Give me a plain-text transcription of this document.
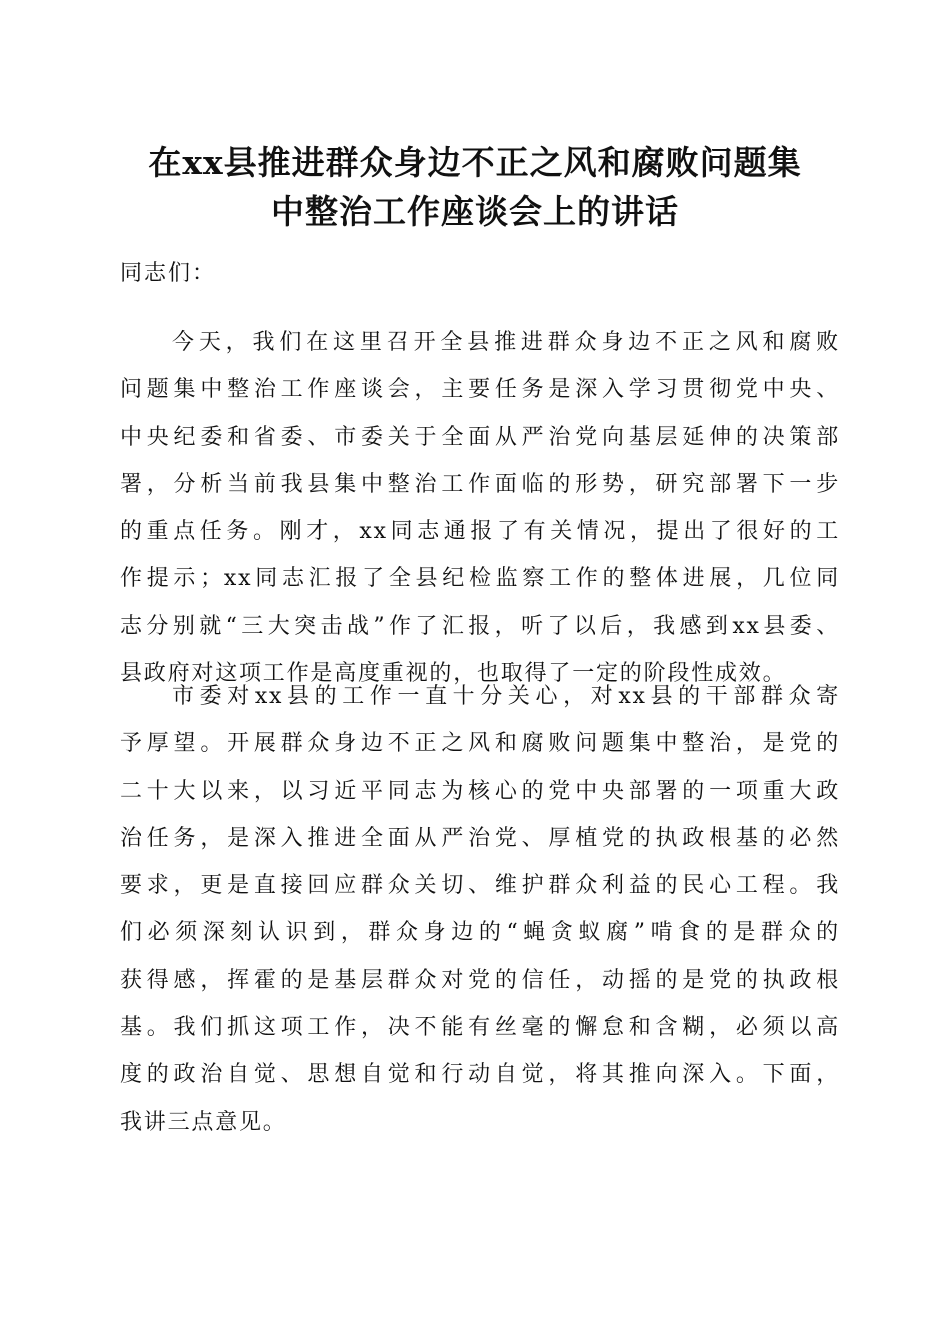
在xx县推进群众身边不正之风和腐败问题集
中整治工作座谈会上的讲话
同志们：
今天，我们在这里召开全县推进群众身边不正之风和腐败
问题集中整治工作座谈会，主要任务是深入学习贯彻党中央、
中央纪委和省委、市委关于全面从严治党向基层延伸的决策部
署，分析当前我县集中整治工作面临的形势，研究部署下一步
的重点任务。刚才，xx同志通报了有关情况，提出了很好的工
作提示；xx同志汇报了全县纪检监察工作的整体进展，几位同
志分别就“三大突击战”作了汇报，听了以后，我感到xx县委、
县政府对这项工作是高度重视的，也取得了一定的阶段性成效。
市委对xx县的工作一直十分关心，对xx县的干部群众寄
予厚望。开展群众身边不正之风和腐败问题集中整治，是党的
二十大以来，以习近平同志为核心的党中央部署的一项重大政
治任务，是深入推进全面从严治党、厚植党的执政根基的必然
要求，更是直接回应群众关切、维护群众利益的民心工程。我
们必须深刻认识到，群众身边的“蝇贪蚁腐”啃食的是群众的
获得感，挥霍的是基层群众对党的信任，动摇的是党的执政根
基。我们抓这项工作，决不能有丝毫的懈怠和含糊，必须以高
度的政治自觉、思想自觉和行动自觉，将其推向深入。下面，
我讲三点意见。
